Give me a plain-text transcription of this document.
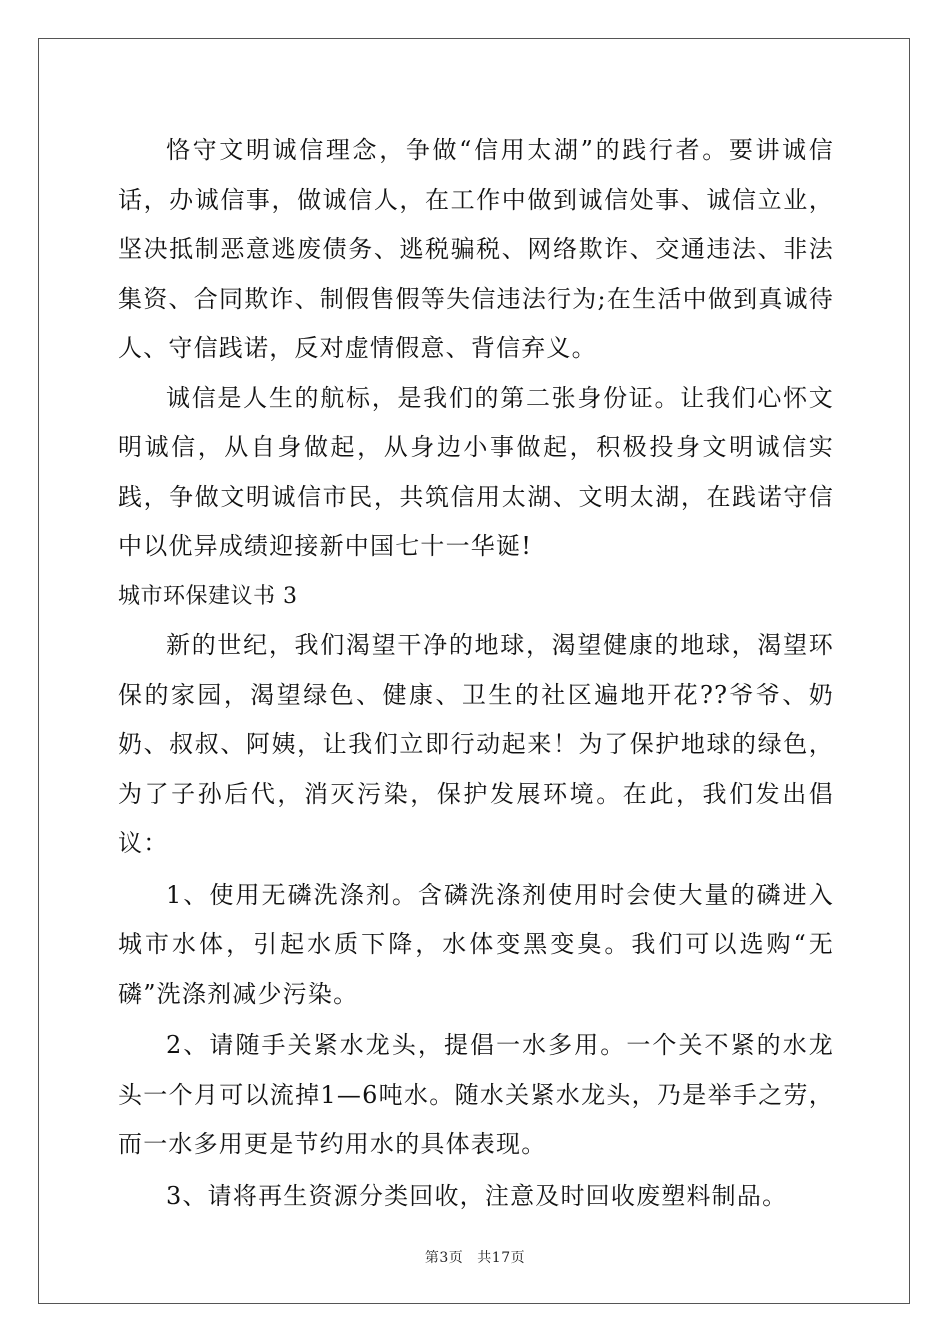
恪守文明诚信理念，争做“信用太湖”的践行者。要讲诚信话，办诚信事，做诚信人，在工作中做到诚信处事、诚信立业，坚决抵制恶意逃废债务、逃税骗税、网络欺诈、交通违法、非法集资、合同欺诈、制假售假等失信违法行为;在生活中做到真诚待人、守信践诺，反对虚情假意、背信弃义。

诚信是人生的航标，是我们的第二张身份证。让我们心怀文明诚信，从自身做起，从身边小事做起，积极投身文明诚信实践，争做文明诚信市民，共筑信用太湖、文明太湖，在践诺守信中以优异成绩迎接新中国七十一华诞!

城市环保建议书 3

新的世纪，我们渴望干净的地球，渴望健康的地球，渴望环保的家园，渴望绿色、健康、卫生的社区遍地开花??爷爷、奶奶、叔叔、阿姨，让我们立即行动起来！为了保护地球的绿色，为了子孙后代，消灭污染，保护发展环境。在此，我们发出倡议：

1、使用无磷洗涤剂。含磷洗涤剂使用时会使大量的磷进入城市水体，引起水质下降，水体变黑变臭。我们可以选购“无磷”洗涤剂减少污染。

2、请随手关紧水龙头，提倡一水多用。一个关不紧的水龙头一个月可以流掉1—6吨水。随水关紧水龙头，乃是举手之劳，而一水多用更是节约用水的具体表现。

3、请将再生资源分类回收，注意及时回收废塑料制品。

第3页 共17页
